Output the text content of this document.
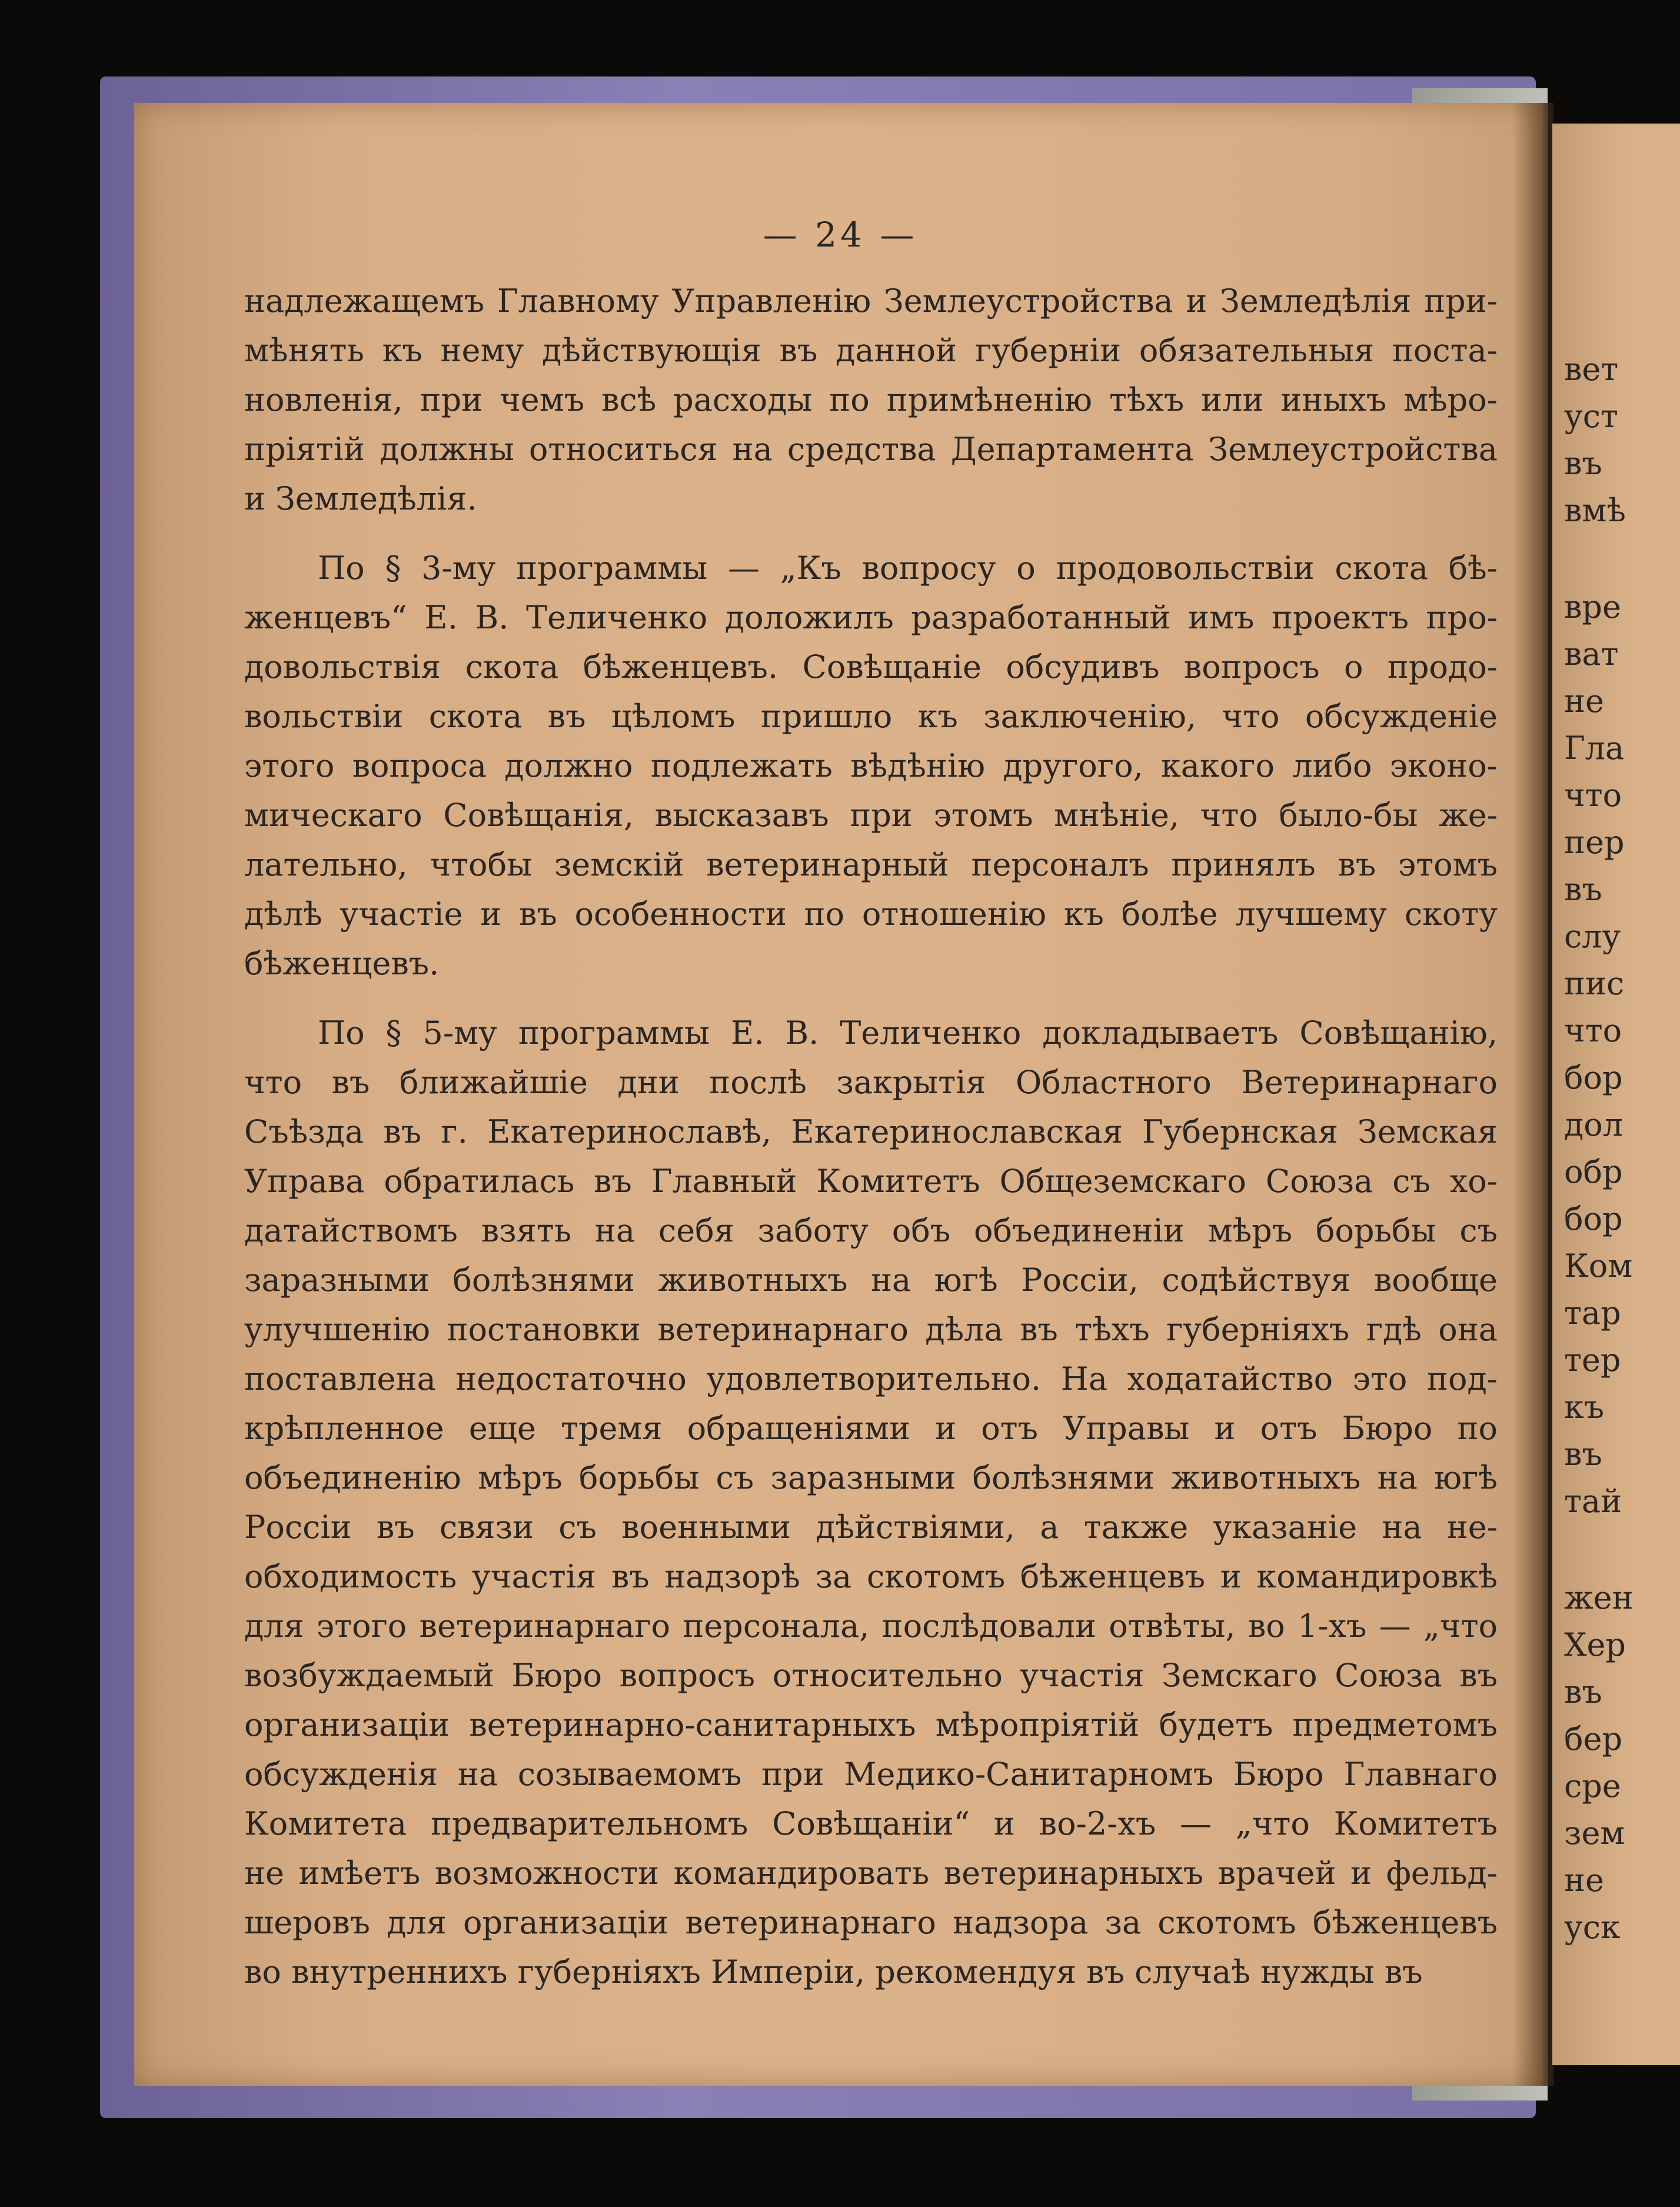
— 24 —
надлежащемъ Главному Управленію Землеустройства и Земледѣлія при-
мѣнять къ нему дѣйствующія въ данной губерніи обязательныя поста-
новленія, при чемъ всѣ расходы по примѣненію тѣхъ или иныхъ мѣро-
пріятій должны относиться на средства Департамента Землеустройства
и Земледѣлія.
По § 3-му программы — „Къ вопросу о продовольствіи скота бѣ-
женцевъ“ Е. В. Теличенко доложилъ разработанный имъ проектъ про-
довольствія скота бѣженцевъ. Совѣщаніе обсудивъ вопросъ о продо-
вольствіи скота въ цѣломъ пришло къ заключенію, что обсужденіе
этого вопроса должно подлежать вѣдѣнію другого, какого либо эконо-
мическаго Совѣщанія, высказавъ при этомъ мнѣніе, что было-бы же-
лательно, чтобы земскій ветеринарный персоналъ принялъ въ этомъ
дѣлѣ участіе и въ особенности по отношенію къ болѣе лучшему скоту
бѣженцевъ.
По § 5-му программы Е. В. Теличенко докладываетъ Совѣщанію,
что въ ближайшіе дни послѣ закрытія Областного Ветеринарнаго
Съѣзда въ г. Екатеринославѣ, Екатеринославская Губернская Земская
Управа обратилась въ Главный Комитетъ Общеземскаго Союза съ хо-
датайствомъ взять на себя заботу объ объединеніи мѣръ борьбы съ
заразными болѣзнями животныхъ на югѣ Россіи, содѣйствуя вообще
улучшенію постановки ветеринарнаго дѣла въ тѣхъ губерніяхъ гдѣ она
поставлена недостаточно удовлетворительно. На ходатайство это под-
крѣпленное еще тремя обращеніями и отъ Управы и отъ Бюро по
объединенію мѣръ борьбы съ заразными болѣзнями животныхъ на югѣ
Россіи въ связи съ военными дѣйствіями, а также указаніе на не-
обходимость участія въ надзорѣ за скотомъ бѣженцевъ и командировкѣ
для этого ветеринарнаго персонала, послѣдовали отвѣты, во 1-хъ — „что
возбуждаемый Бюро вопросъ относительно участія Земскаго Союза въ
организаціи ветеринарно-санитарныхъ мѣропріятій будетъ предметомъ
обсужденія на созываемомъ при Медико-Санитарномъ Бюро Главнаго
Комитета предварительномъ Совѣщаніи“ и во-2-хъ — „что Комитетъ
не имѣетъ возможности командировать ветеринарныхъ врачей и фельд-
шеровъ для организаціи ветеринарнаго надзора за скотомъ бѣженцевъ
во внутреннихъ губерніяхъ Имперіи, рекомендуя въ случаѣ нужды въ
вет
уст
въ
вмѣ
вре
ват
не
Гла
что
пер
въ
слу
пис
что
бор
дол
обр
бор
Ком
тар
тер
къ
въ
тай
жен
Хер
въ
бер
сре
зем
не
уск
